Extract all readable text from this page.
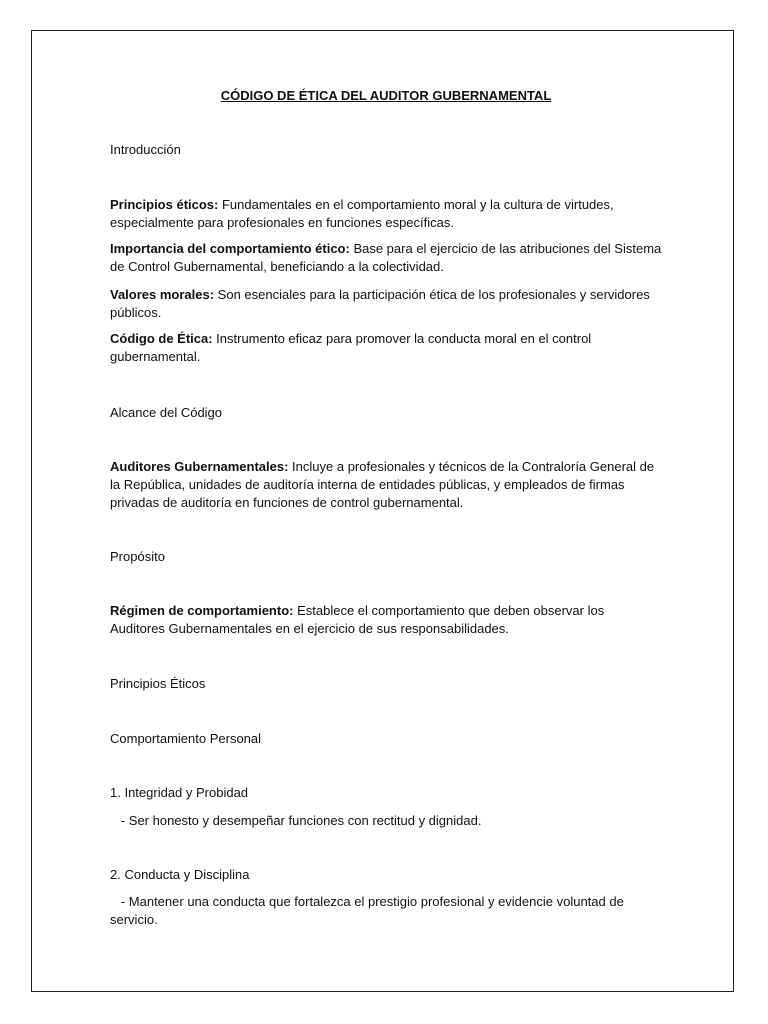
CÓDIGO DE ÉTICA DEL AUDITOR GUBERNAMENTAL
Introducción

Principios éticos: Fundamentales en el comportamiento moral y la cultura de virtudes, especialmente para profesionales en funciones específicas.

Importancia del comportamiento ético: Base para el ejercicio de las atribuciones del Sistema de Control Gubernamental, beneficiando a la colectividad.

Valores morales: Son esenciales para la participación ética de los profesionales y servidores públicos.

Código de Ética: Instrumento eficaz para promover la conducta moral en el control gubernamental.

Alcance del Código

Auditores Gubernamentales: Incluye a profesionales y técnicos de la Contraloría General de la República, unidades de auditoría interna de entidades públicas, y empleados de firmas privadas de auditoría en funciones de control gubernamental.

Propósito

Régimen de comportamiento: Establece el comportamiento que deben observar los Auditores Gubernamentales en el ejercicio de sus responsabilidades.

Principios Éticos
Comportamiento Personal
1. Integridad y Probidad
- Ser honesto y desempeñar funciones con rectitud y dignidad.
2. Conducta y Disciplina
- Mantener una conducta que fortalezca el prestigio profesional y evidencie voluntad de servicio.
